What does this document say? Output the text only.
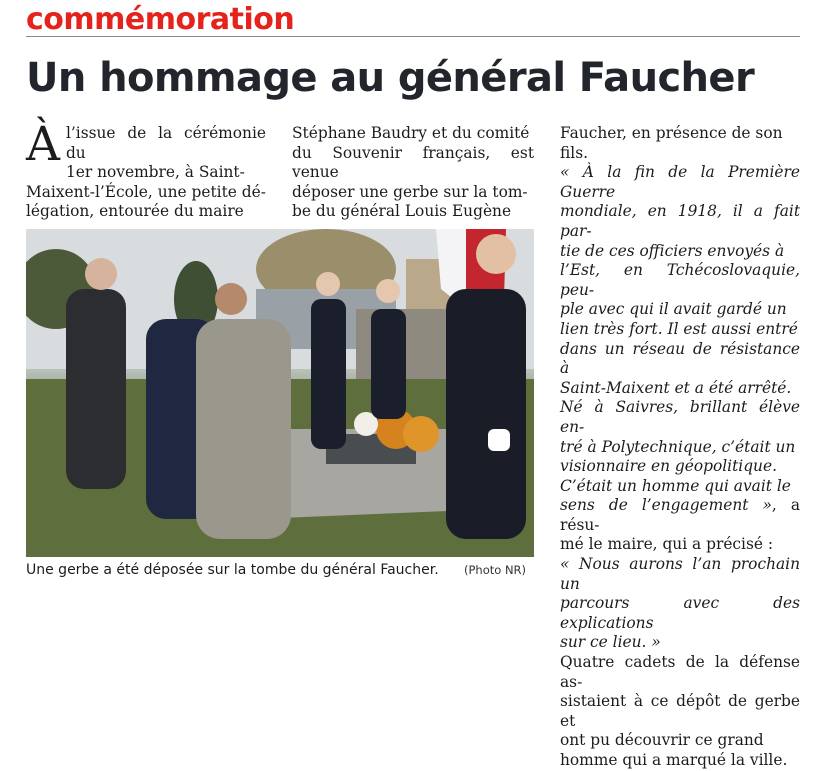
commémoration
Un hommage au général Faucher
À l’issue de la cérémonie du
1er novembre, à Saint-
Maixent-l’École, une petite dé-
légation, entourée du maire
Stéphane Baudry et du comité
du Souvenir français, est venue
déposer une gerbe sur la tom-
be du général Louis Eugène
Faucher, en présence de son
fils.
« À la fin de la Première Guerre
mondiale, en 1918, il a fait par-
tie de ces officiers envoyés à
l’Est, en Tchécoslovaquie, peu-
ple avec qui il avait gardé un
lien très fort. Il est aussi entré
dans un réseau de résistance à
Saint-Maixent et a été arrêté.
Né à Saivres, brillant élève en-
tré à Polytechnique, c’était un
visionnaire en géopolitique.
C’était un homme qui avait le
sens de l’engagement », a résu-
mé le maire, qui a précisé :
« Nous aurons l’an prochain un
parcours avec des explications
sur ce lieu. »
Quatre cadets de la défense as-
sistaient à ce dépôt de gerbe et
ont pu découvrir ce grand
homme qui a marqué la ville.
Une gerbe a été déposée sur la tombe du général Faucher.	(Photo NR)
